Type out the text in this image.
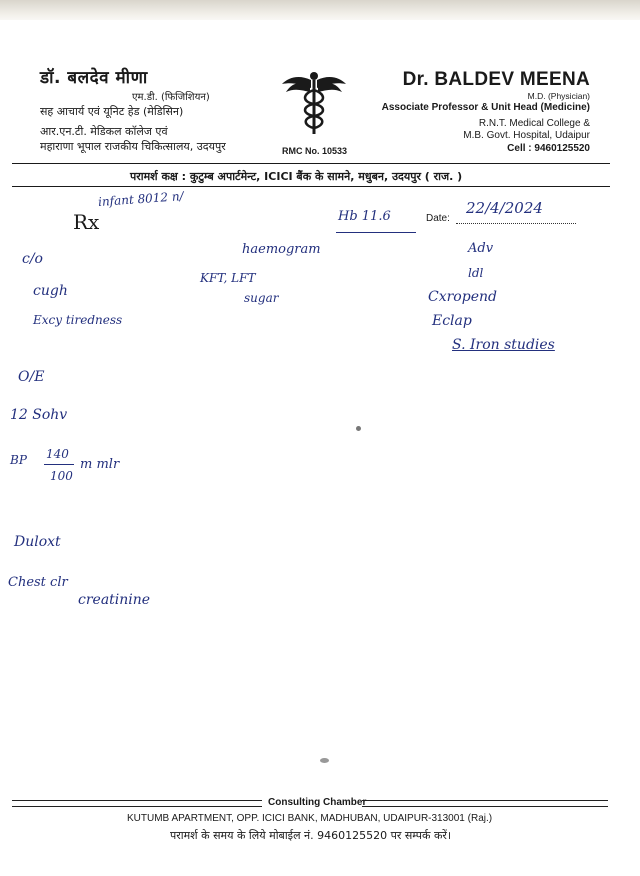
डॉ. बलदेव मीणा
एम.डी. (फिजिशियन)
सह आचार्य एवं यूनिट हेड (मेडिसिन)
आर.एन.टी. मेडिकल कॉलेज एवं
महाराणा भूपाल राजकीय चिकित्सालय, उदयपुर	RMC No. 10533
Dr. BALDEV MEENA
M.D. (Physician)
Associate Professor & Unit Head (Medicine)
R.N.T. Medical College &
M.B. Govt. Hospital, Udaipur
Cell : 9460125520
परामर्श कक्ष : कुटुम्ब अपार्टमेन्ट, ICICI बैंक के सामने, मधुबन, उदयपुर ( राज. )
Rx	Date:
infant 8012 n/
Hb 11.6	22/4/2024
c/o
cugh
Excy tiredness
O/E
12 Sohv
BP 140
100
m mlr
Duloxt
Chest clr
creatinine
haemogram
KFT, LFT
sugar
Adv
ldl
Cxropend
Eclap
S. Iron studies
Consulting Chamber
KUTUMB APARTMENT, OPP. ICICI BANK, MADHUBAN, UDAIPUR-313001 (Raj.)
परामर्श के समय के लिये मोबाईल नं. 9460125520 पर सम्पर्क करें।
